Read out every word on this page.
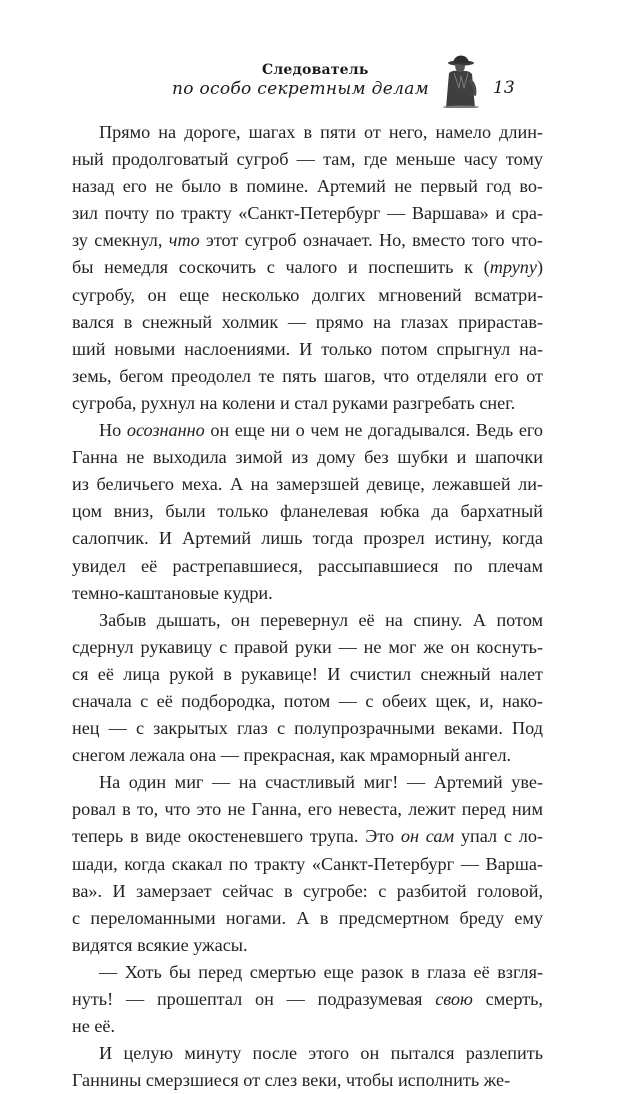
Следователь
по особо секретным делам	13
Прямо на дороге, шагах в пяти от него, намело длин-
ный продолговатый сугроб — там, где меньше часу тому
назад его не было в помине. Артемий не первый год во-
зил почту по тракту «Санкт-Петербург — Варшава» и сра-
зу смекнул, что этот сугроб означает. Но, вместо того что-
бы немедля соскочить с чалого и поспешить к (трупу)
сугробу, он еще несколько долгих мгновений всматри-
вался в снежный холмик — прямо на глазах прирастав-
ший новыми наслоениями. И только потом спрыгнул на-
земь, бегом преодолел те пять шагов, что отделяли его от
сугроба, рухнул на колени и стал руками разгребать снег.
Но осознанно он еще ни о чем не догадывался. Ведь его
Ганна не выходила зимой из дому без шубки и шапочки
из беличьего меха. А на замерзшей девице, лежавшей ли-
цом вниз, были только фланелевая юбка да бархатный
салопчик. И Артемий лишь тогда прозрел истину, когда
увидел её растрепавшиеся, рассыпавшиеся по плечам
темно-каштановые кудри.
Забыв дышать, он перевернул её на спину. А потом
сдернул рукавицу с правой руки — не мог же он коснуть-
ся её лица рукой в рукавице! И счистил снежный налет
сначала с её подбородка, потом — с обеих щек, и, нако-
нец — с закрытых глаз с полупрозрачными веками. Под
снегом лежала она — прекрасная, как мраморный ангел.
На один миг — на счастливый миг! — Артемий уве-
ровал в то, что это не Ганна, его невеста, лежит перед ним
теперь в виде окостеневшего трупа. Это он сам упал с ло-
шади, когда скакал по тракту «Санкт-Петербург — Варша-
ва». И замерзает сейчас в сугробе: с разбитой головой,
с переломанными ногами. А в предсмертном бреду ему
видятся всякие ужасы.
— Хоть бы перед смертью еще разок в глаза её взгля-
нуть! — прошептал он — подразумевая свою смерть,
не её.
И целую минуту после этого он пытался разлепить
Ганнины смерзшиеся от слез веки, чтобы исполнить же-
